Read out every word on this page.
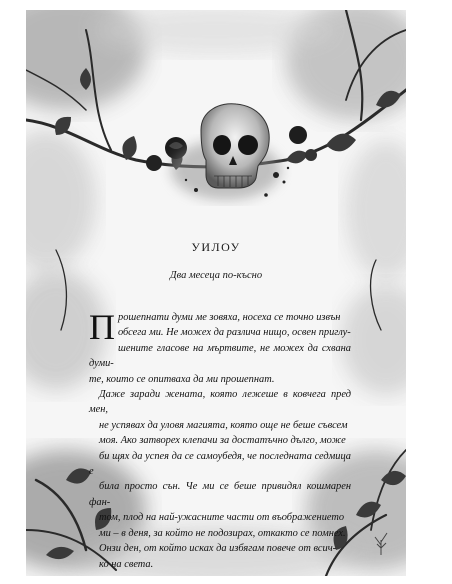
УИЛОУ
Два месеца по-късно

П рошепнати думи ме зовяха, носеха се точно извън
обсега ми. Не можех да различа нищо, освен приглу-
шените гласове на мъртвите, не можех да схвана думи-
те, които се опитваха да ми прошепнат.

Даже заради жената, която лежеше в ковчега пред мен,
не успявах да уловя магията, която още не беше съвсем
моя. Ако затворех клепачи за достатъчно дълго, може
би щях да успея да се самоубедя, че последната седмица е
била просто сън. Че ми се беше привидял кошмарен фан-
том, плод на най-ужасните части от въображението
ми – в деня, за който не подозирах, откакто се помнех.

Онзи ден, от който исках да избягам повече от всич-
ко на света.
